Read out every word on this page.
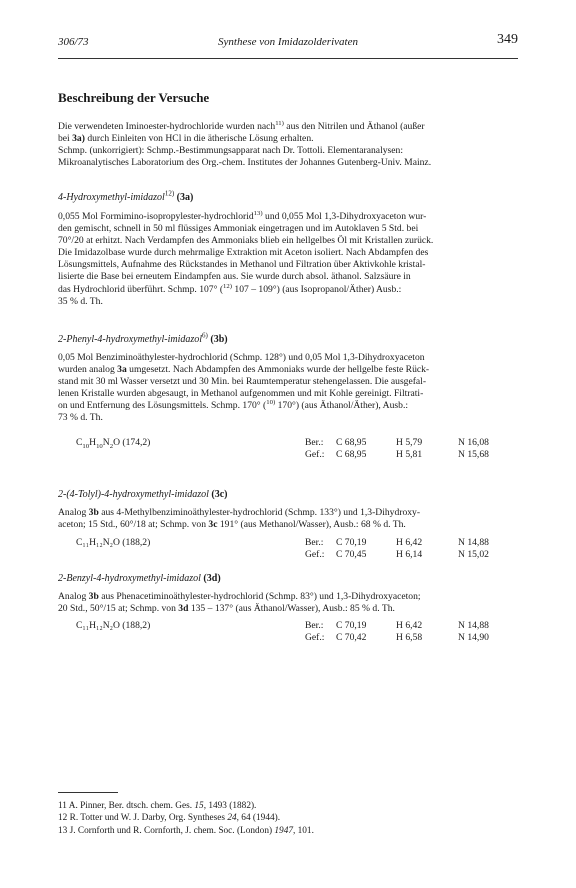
306/73	Synthese von Imidazolderivaten	349
Beschreibung der Versuche
Die verwendeten Iminoester-hydrochloride wurden nach$^{11)}$ aus den Nitrilen und Äthanol (außer
bei 3a) durch Einleiten von HCl in die ätherische Lösung erhalten.
Schmp. (unkorrigiert): Schmp.-Bestimmungsapparat nach Dr. Tottoli. Elementaranalysen:
Mikroanalytisches Laboratorium des Org.-chem. Institutes der Johannes Gutenberg-Univ. Mainz.
4-Hydroxymethyl-imidazol$^{12)}$ (3a)
0,055 Mol Formimino-isopropylester-hydrochlorid$^{13)}$ und 0,055 Mol 1,3-Dihydroxyaceton wur-
den gemischt, schnell in 50 ml flüssiges Ammoniak eingetragen und im Autoklaven 5 Std. bei
70°/20 at erhitzt. Nach Verdampfen des Ammoniaks blieb ein hellgelbes Öl mit Kristallen zurück.
Die Imidazolbase wurde durch mehrmalige Extraktion mit Aceton isoliert. Nach Abdampfen des
Lösungsmittels, Aufnahme des Rückstandes in Methanol und Filtration über Aktivkohle kristal-
lisierte die Base bei erneutem Eindampfen aus. Sie wurde durch absol. äthanol. Salzsäure in
das Hydrochlorid überführt. Schmp. 107° ($^{12)}$ 107 – 109°) (aus Isopropanol/Äther) Ausb.:
35 % d. Th.
2-Phenyl-4-hydroxymethyl-imidazol$^{6)}$ (3b)
0,05 Mol Benziminoäthylester-hydrochlorid (Schmp. 128°) und 0,05 Mol 1,3-Dihydroxyaceton
wurden analog 3a umgesetzt. Nach Abdampfen des Ammoniaks wurde der hellgelbe feste Rück-
stand mit 30 ml Wasser versetzt und 30 Min. bei Raumtemperatur stehengelassen. Die ausgefal-
lenen Kristalle wurden abgesaugt, in Methanol aufgenommen und mit Kohle gereinigt. Filtrati-
on und Entfernung des Lösungsmittels. Schmp. 170° ($^{10)}$ 170°) (aus Äthanol/Äther), Ausb.:
73 % d. Th.
$C_{10}H_{10}N_2O$ (174,2)	Ber.: C 68,95	H 5,79	N 16,08
Gef.: C 68,95	H 5,81	N 15,68
2-(4-Tolyl)-4-hydroxymethyl-imidazol (3c)
Analog 3b aus 4-Methylbenziminoäthylester-hydrochlorid (Schmp. 133°) und 1,3-Dihydroxy-
aceton; 15 Std., 60°/18 at; Schmp. von 3c 191° (aus Methanol/Wasser), Ausb.: 68 % d. Th.
C₁₁H₁₂N₂O (188,2)	Ber.: C 70,19	H 6,42	N 14,88
Gef.: C 70,45	H 6,14	N 15,02
2-Benzyl-4-hydroxymethyl-imidazol (3d)
Analog 3b aus Phenacetiminoäthylester-hydrochlorid (Schmp. 83°) und 1,3-Dihydroxyaceton;
20 Std., 50°/15 at; Schmp. von 3d 135 – 137° (aus Äthanol/Wasser), Ausb.: 85 % d. Th.
C₁₁H₁₂N₂O (188,2)	Ber.: C 70,19	H 6,42	N 14,88
Gef.: C 70,42	H 6,58	N 14,90
11 A. Pinner, Ber. dtsch. chem. Ges. 15, 1493 (1882).
12 R. Totter und W. J. Darby, Org. Syntheses 24, 64 (1944).
13 J. Cornforth und R. Cornforth, J. chem. Soc. (London) 1947, 101.
